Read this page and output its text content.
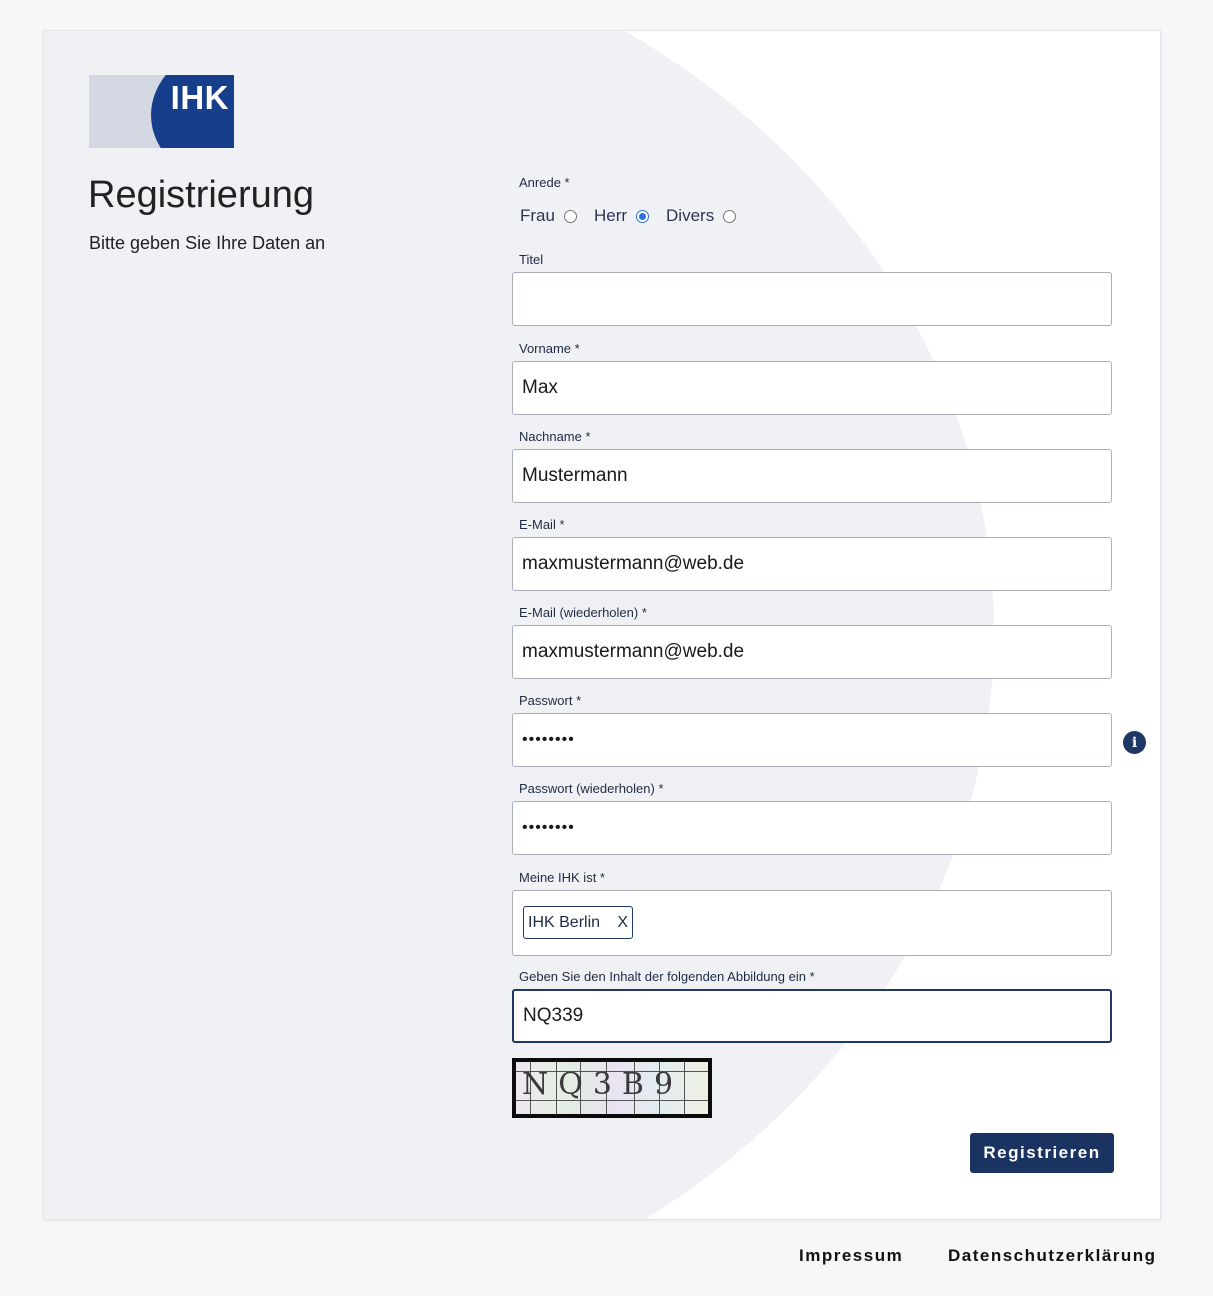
IHK
Registrierung

Bitte geben Sie Ihre Daten an

Anrede *
Frau Herr Divers
Titel
Vorname *
Max
Nachname *
Mustermann
E-Mail *
maxmustermann@web.de
E-Mail (wiederholen) *
maxmustermann@web.de
Passwort *
••••••••
i
Passwort (wiederholen) *
••••••••
Meine IHK ist *
IHK Berlin X
Geben Sie den Inhalt der folgenden Abbildung ein *
NQ339
NQ3B9
Registrieren
Impressum	Datenschutzerklärung
